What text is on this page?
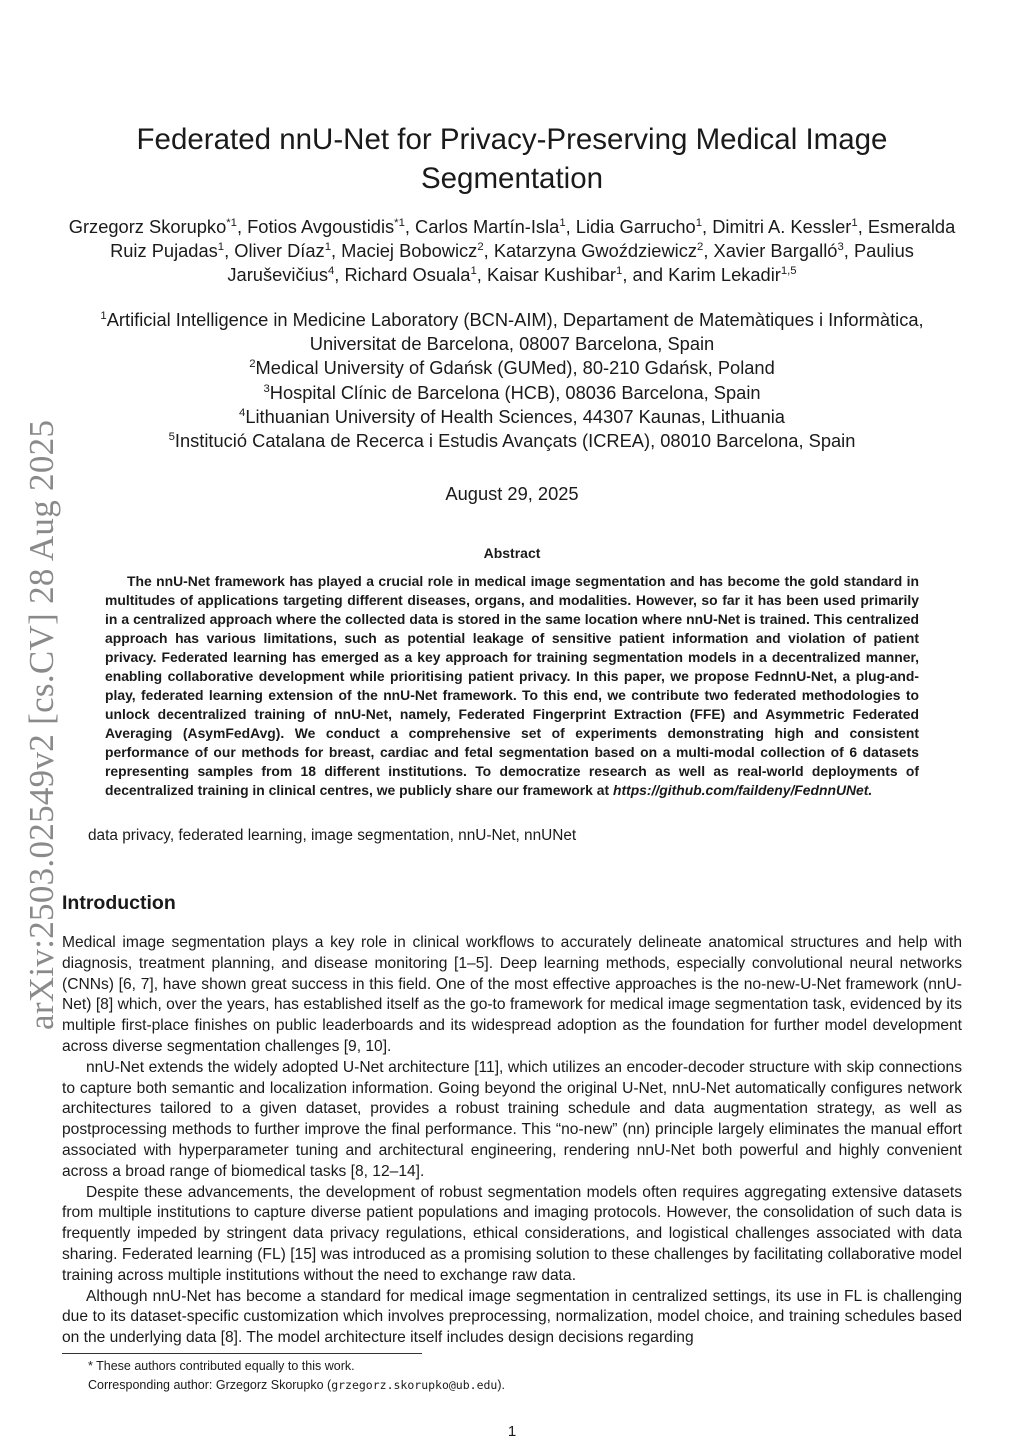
arXiv:2503.02549v2 [cs.CV] 28 Aug 2025
Federated nnU-Net for Privacy-Preserving Medical Image Segmentation
Grzegorz Skorupko$^{*1}$, Fotios Avgoustidis$^{*1}$, Carlos Martín-Isla$^1$, Lidia Garrucho$^1$, Dimitri A. Kessler$^1$, Esmeralda Ruiz Pujadas$^1$, Oliver Díaz$^1$, Maciej Bobowicz$^2$, Katarzyna Gwoździewicz$^2$, Xavier Bargalló$^3$, Paulius Jaruševičius$^4$, Richard Osuala$^1$, Kaisar Kushibar$^1$, and Karim Lekadir$^{1,5}$
$^1$Artificial Intelligence in Medicine Laboratory (BCN-AIM), Departament de Matemàtiques i Informàtica, Universitat de Barcelona, 08007 Barcelona, Spain
$^2$Medical University of Gdańsk (GUMed), 80-210 Gdańsk, Poland
$^3$Hospital Clínic de Barcelona (HCB), 08036 Barcelona, Spain
$^4$Lithuanian University of Health Sciences, 44307 Kaunas, Lithuania
$^5$Institució Catalana de Recerca i Estudis Avançats (ICREA), 08010 Barcelona, Spain
August 29, 2025
Abstract

The nnU-Net framework has played a crucial role in medical image segmentation and has become the gold standard in multitudes of applications targeting different diseases, organs, and modalities. However, so far it has been used primarily in a centralized approach where the collected data is stored in the same location where nnU-Net is trained. This centralized approach has various limitations, such as potential leakage of sensitive patient information and violation of patient privacy. Federated learning has emerged as a key approach for training segmentation models in a decentralized manner, enabling collaborative development while prioritising patient privacy. In this paper, we propose FednnU-Net, a plug-and-play, federated learning extension of the nnU-Net framework. To this end, we contribute two federated methodologies to unlock decentralized training of nnU-Net, namely, Federated Fingerprint Extraction (FFE) and Asymmetric Federated Averaging (AsymFedAvg). We conduct a comprehensive set of experiments demonstrating high and consistent performance of our methods for breast, cardiac and fetal segmentation based on a multi-modal collection of 6 datasets representing samples from 18 different institutions. To democratize research as well as real-world deployments of decentralized training in clinical centres, we publicly share our framework at https://github.com/faildeny/FednnUNet.

data privacy, federated learning, image segmentation, nnU-Net, nnUNet
Introduction

Medical image segmentation plays a key role in clinical workflows to accurately delineate anatomical structures and help with diagnosis, treatment planning, and disease monitoring [1–5]. Deep learning methods, especially convolutional neural networks (CNNs) [6, 7], have shown great success in this field. One of the most effective approaches is the no-new-U-Net framework (nnU-Net) [8] which, over the years, has established itself as the go-to framework for medical image segmentation task, evidenced by its multiple first-place finishes on public leaderboards and its widespread adoption as the foundation for further model development across diverse segmentation challenges [9, 10].

nnU-Net extends the widely adopted U-Net architecture [11], which utilizes an encoder-decoder structure with skip connections to capture both semantic and localization information. Going beyond the original U-Net, nnU-Net automatically configures network architectures tailored to a given dataset, provides a robust training schedule and data augmentation strategy, as well as postprocessing methods to further improve the final performance. This “no-new” (nn) principle largely eliminates the manual effort associated with hyperparameter tuning and architectural engineering, rendering nnU-Net both powerful and highly convenient across a broad range of biomedical tasks [8, 12–14].

Despite these advancements, the development of robust segmentation models often requires aggregating extensive datasets from multiple institutions to capture diverse patient populations and imaging protocols. However, the consolidation of such data is frequently impeded by stringent data privacy regulations, ethical considerations, and logistical challenges associated with data sharing. Federated learning (FL) [15] was introduced as a promising solution to these challenges by facilitating collaborative model training across multiple institutions without the need to exchange raw data.

Although nnU-Net has become a standard for medical image segmentation in centralized settings, its use in FL is challenging due to its dataset-specific customization which involves preprocessing, normalization, model choice, and training schedules based on the underlying data [8]. The model architecture itself includes design decisions regarding

* These authors contributed equally to this work.
Corresponding author: Grzegorz Skorupko (grzegorz.skorupko@ub.edu).
1
